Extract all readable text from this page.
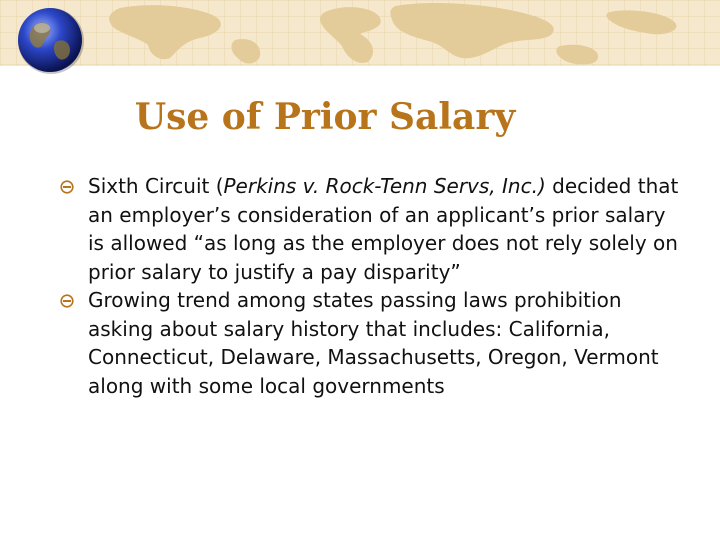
Use of Prior Salary
Sixth Circuit (Perkins v. Rock-Tenn Servs, Inc.) decided that an employer’s consideration of an applicant’s prior salary is allowed “as long as the employer does not rely solely on prior salary to justify a pay disparity”
Growing trend among states passing laws prohibition asking about salary history that includes: California, Connecticut, Delaware, Massachusetts, Oregon, Vermont along with some local governments
